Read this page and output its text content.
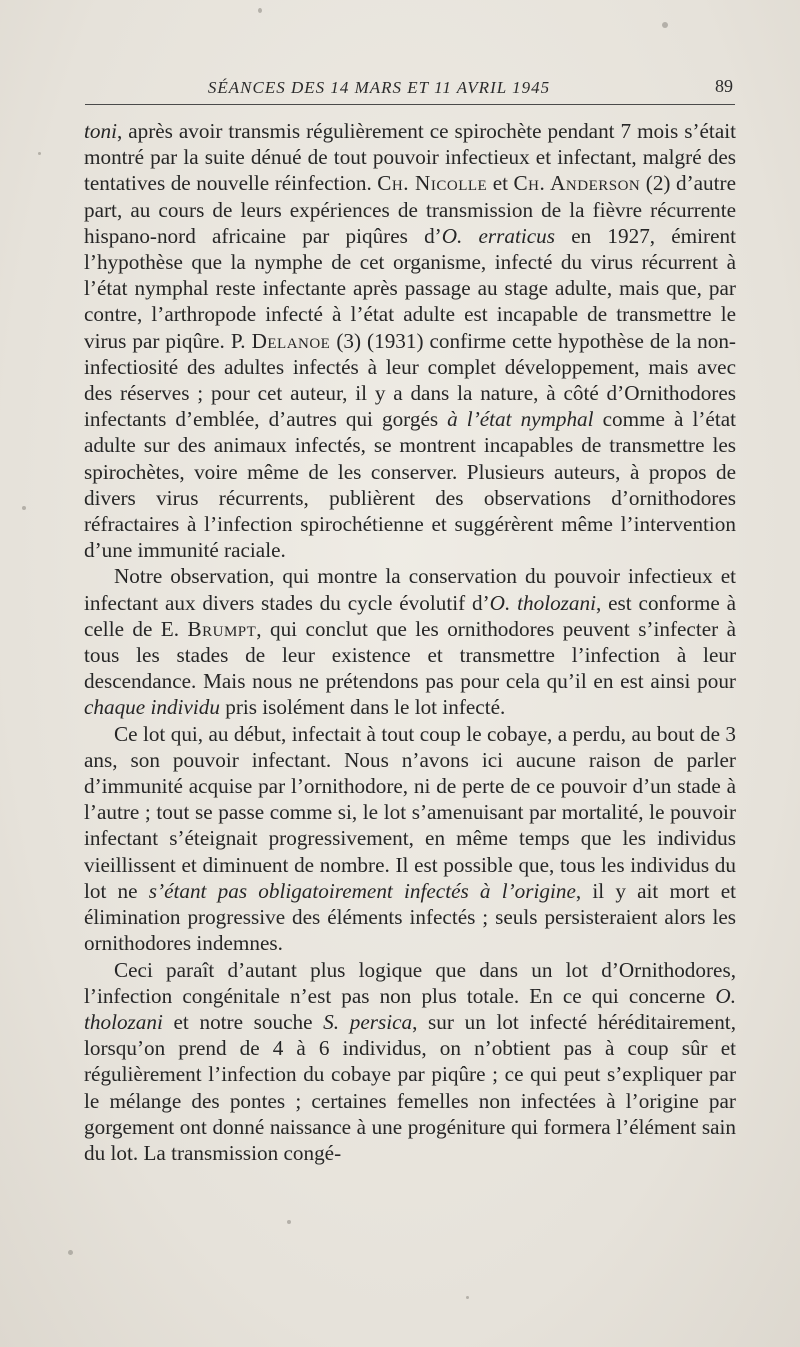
SÉANCES DES 14 MARS ET 11 AVRIL 1945	89

toni, après avoir transmis régulièrement ce spirochète pendant 7 mois s’était montré par la suite dénué de tout pouvoir infectieux et infectant, malgré des tentatives de nouvelle réinfection. Ch. Nicolle et Ch. Anderson (2) d’autre part, au cours de leurs expériences de transmission de la fièvre récurrente hispano-nord africaine par piqûres d’O. erraticus en 1927, émirent l’hypothèse que la nymphe de cet organisme, infecté du virus récurrent à l’état nymphal reste infectante après passage au stage adulte, mais que, par contre, l’arthropode infecté à l’état adulte est incapable de transmettre le virus par piqûre. P. Delanoe (3) (1931) confirme cette hypothèse de la non-infectiosité des adultes infectés à leur complet développement, mais avec des réserves ; pour cet auteur, il y a dans la nature, à côté d’Ornithodores infectants d’emblée, d’autres qui gorgés à l’état nymphal comme à l’état adulte sur des animaux infectés, se montrent incapables de transmettre les spirochètes, voire même de les conserver. Plusieurs auteurs, à propos de divers virus récurrents, publièrent des observations d’ornithodores réfractaires à l’infection spirochétienne et suggérèrent même l’intervention d’une immunité raciale.

Notre observation, qui montre la conservation du pouvoir infectieux et infectant aux divers stades du cycle évolutif d’O. tholozani, est conforme à celle de E. Brumpt, qui conclut que les ornithodores peuvent s’infecter à tous les stades de leur existence et transmettre l’infection à leur descendance. Mais nous ne prétendons pas pour cela qu’il en est ainsi pour chaque individu pris isolément dans le lot infecté.

Ce lot qui, au début, infectait à tout coup le cobaye, a perdu, au bout de 3 ans, son pouvoir infectant. Nous n’avons ici aucune raison de parler d’immunité acquise par l’ornithodore, ni de perte de ce pouvoir d’un stade à l’autre ; tout se passe comme si, le lot s’amenuisant par mortalité, le pouvoir infectant s’éteignait progressivement, en même temps que les individus vieillissent et diminuent de nombre. Il est possible que, tous les individus du lot ne s’étant pas obligatoirement infectés à l’origine, il y ait mort et élimination progressive des éléments infectés ; seuls persisteraient alors les ornithodores indemnes.

Ceci paraît d’autant plus logique que dans un lot d’Ornithodores, l’infection congénitale n’est pas non plus totale. En ce qui concerne O. tholozani et notre souche S. persica, sur un lot infecté héréditairement, lorsqu’on prend de 4 à 6 individus, on n’obtient pas à coup sûr et régulièrement l’infection du cobaye par piqûre ; ce qui peut s’expliquer par le mélange des pontes ; certaines femelles non infectées à l’origine par gorgement ont donné naissance à une progéniture qui formera l’élément sain du lot. La transmission congé-
